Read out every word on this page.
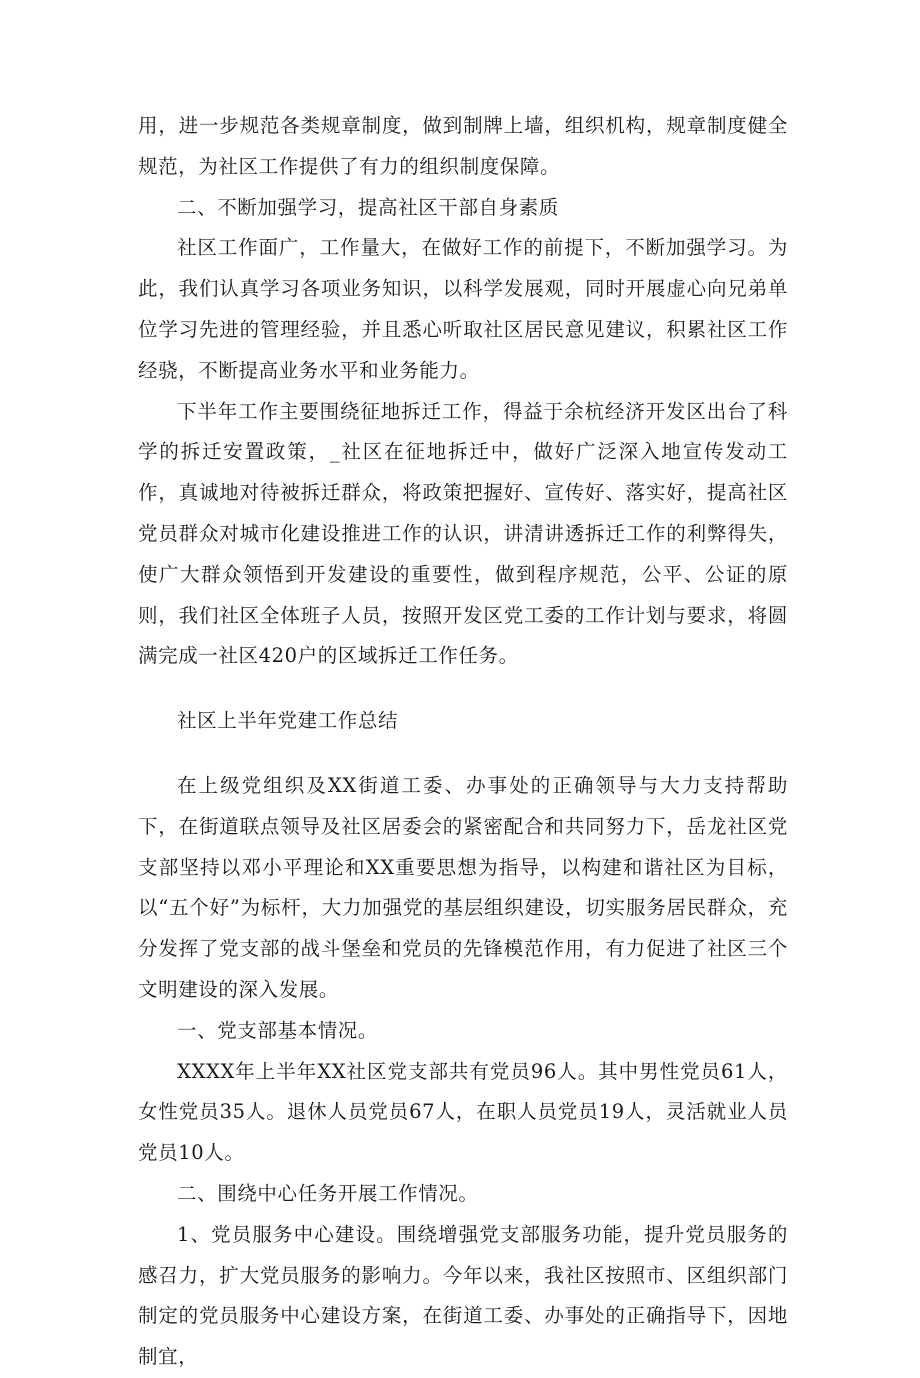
用，进一步规范各类规章制度，做到制牌上墙，组织机构，规章制度健全规范，为社区工作提供了有力的组织制度保障。

二、不断加强学习，提高社区干部自身素质

社区工作面广，工作量大，在做好工作的前提下，不断加强学习。为此，我们认真学习各项业务知识，以科学发展观，同时开展虚心向兄弟单位学习先进的管理经验，并且悉心听取社区居民意见建议，积累社区工作经骁，不断提高业务水平和业务能力。

下半年工作主要围绕征地拆迁工作，得益于余杭经济开发区出台了科学的拆迁安置政策，_社区在征地拆迁中，做好广泛深入地宣传发动工作，真诚地对待被拆迁群众，将政策把握好、宣传好、落实好，提高社区党员群众对城市化建设推进工作的认识，讲清讲透拆迁工作的利弊得失，使广大群众领悟到开发建设的重要性，做到程序规范，公平、公证的原则，我们社区全体班子人员，按照开发区党工委的工作计划与要求，将圆满完成一社区420户的区域拆迁工作任务。

社区上半年党建工作总结

在上级党组织及XX街道工委、办事处的正确领导与大力支持帮助下，在街道联点领导及社区居委会的紧密配合和共同努力下，岳龙社区党支部坚持以邓小平理论和XX重要思想为指导，以构建和谐社区为目标，以“五个好”为标杆，大力加强党的基层组织建设，切实服务居民群众，充分发挥了党支部的战斗堡垒和党员的先锋模范作用，有力促进了社区三个文明建设的深入发展。

一、党支部基本情况。

XXXX年上半年XX社区党支部共有党员96人。其中男性党员61人，女性党员35人。退休人员党员67人，在职人员党员19人，灵活就业人员党员10人。

二、围绕中心任务开展工作情况。

1、党员服务中心建设。围绕增强党支部服务功能，提升党员服务的感召力，扩大党员服务的影响力。今年以来，我社区按照市、区组织部门制定的党员服务中心建设方案，在街道工委、办事处的正确指导下，因地制宜，
